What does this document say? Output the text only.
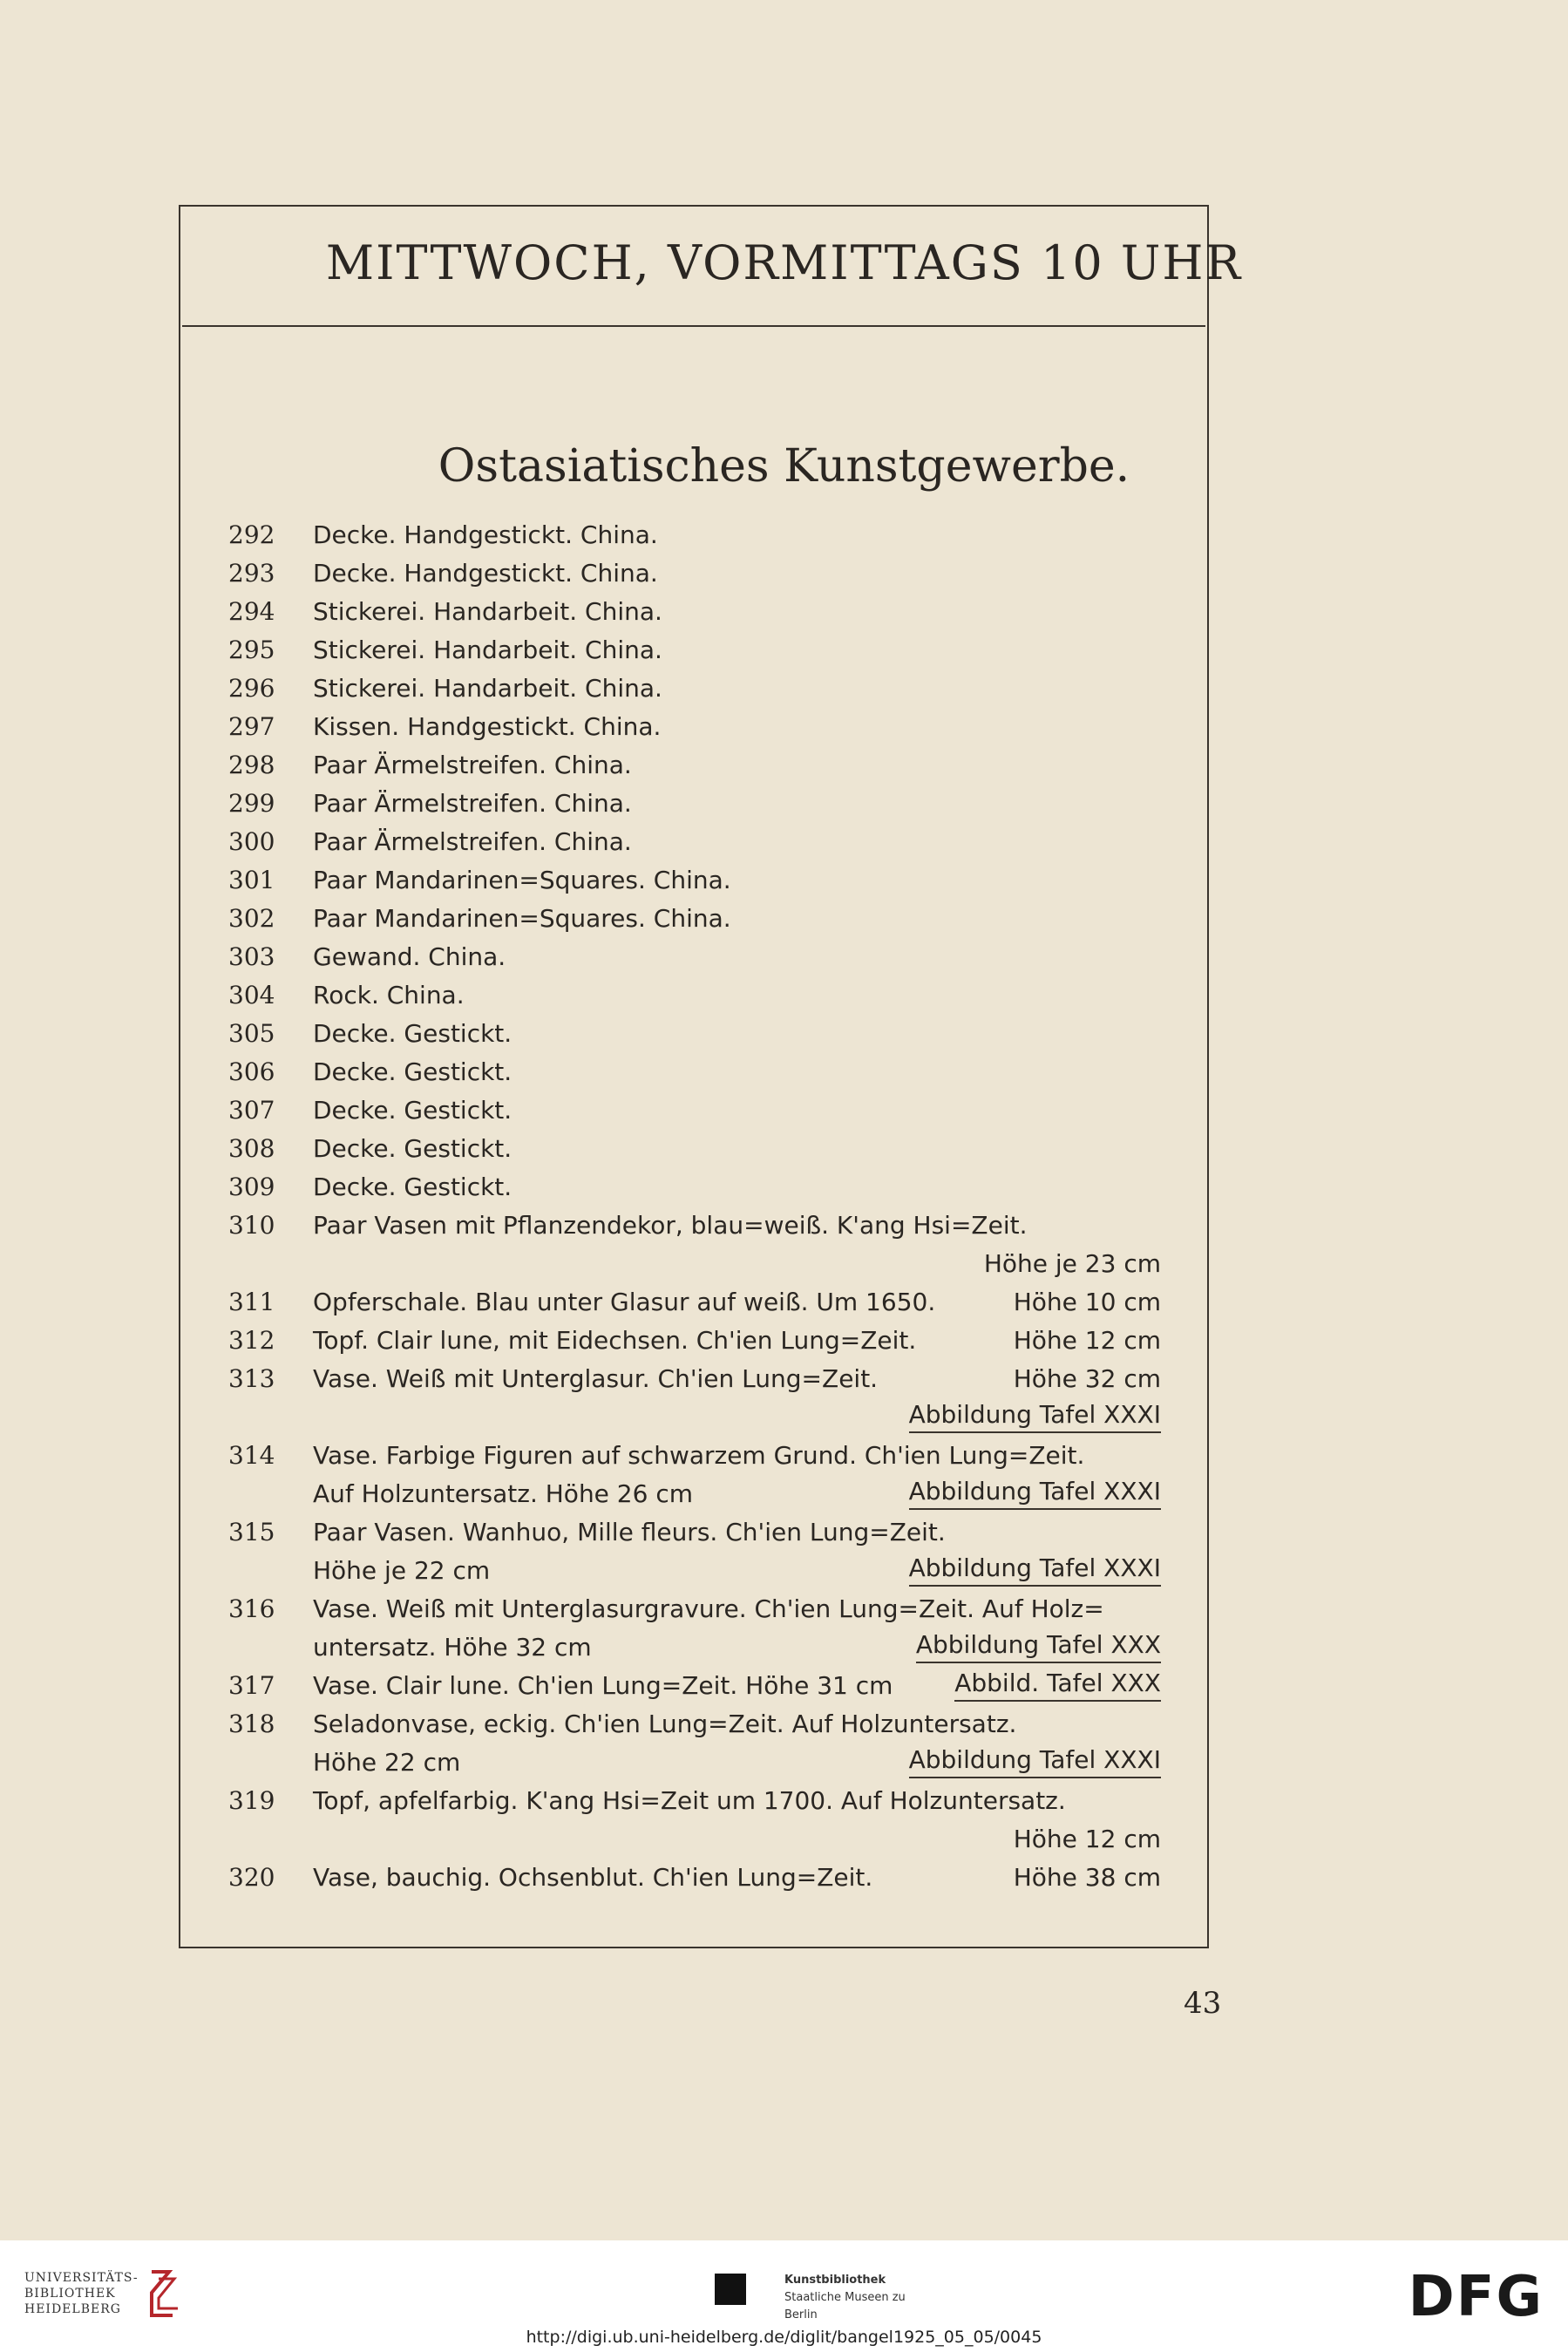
MITTWOCH, VORMITTAGS 10 UHR
Ostasiatisches Kunstgewerbe.
292 Decke. Handgestickt. China.
293 Decke. Handgestickt. China.
294 Stickerei. Handarbeit. China.
295 Stickerei. Handarbeit. China.
296 Stickerei. Handarbeit. China.
297 Kissen. Handgestickt. China.
298 Paar Ärmelstreifen. China.
299 Paar Ärmelstreifen. China.
300 Paar Ärmelstreifen. China.
301 Paar Mandarinen=Squares. China.
302 Paar Mandarinen=Squares. China.
303 Gewand. China.
304 Rock. China.
305 Decke. Gestickt.
306 Decke. Gestickt.
307 Decke. Gestickt.
308 Decke. Gestickt.
309 Decke. Gestickt.
310 Paar Vasen mit Pflanzendekor, blau=weiß. K'ang Hsi=Zeit.
Höhe je 23 cm
311 Opferschale. Blau unter Glasur auf weiß. Um 1650.	Höhe 10 cm
312 Topf. Clair lune, mit Eidechsen. Ch'ien Lung=Zeit.	Höhe 12 cm
313 Vase. Weiß mit Unterglasur. Ch'ien Lung=Zeit.	Höhe 32 cm
Abbildung Tafel XXXI
314 Vase. Farbige Figuren auf schwarzem Grund. Ch'ien Lung=Zeit.
Auf Holzuntersatz. Höhe 26 cm	Abbildung Tafel XXXI
315 Paar Vasen. Wanhuo, Mille fleurs. Ch'ien Lung=Zeit.
Höhe je 22 cm	Abbildung Tafel XXXI
316 Vase. Weiß mit Unterglasurgravure. Ch'ien Lung=Zeit. Auf Holz=
untersatz. Höhe 32 cm	Abbildung Tafel XXX
317 Vase. Clair lune. Ch'ien Lung=Zeit. Höhe 31 cm	Abbild. Tafel XXX
318 Seladonvase, eckig. Ch'ien Lung=Zeit. Auf Holzuntersatz.
Höhe 22 cm	Abbildung Tafel XXXI
319 Topf, apfelfarbig. K'ang Hsi=Zeit um 1700. Auf Holzuntersatz.
Höhe 12 cm
320 Vase, bauchig. Ochsenblut. Ch'ien Lung=Zeit.	Höhe 38 cm
43
UNIVERSITÄTS-
BIBLIOTHEK
HEIDELBERG
Kunstbibliothek
Staatliche Museen zu Berlin	DFG
http://digi.ub.uni-heidelberg.de/diglit/bangel1925_05_05/0045
